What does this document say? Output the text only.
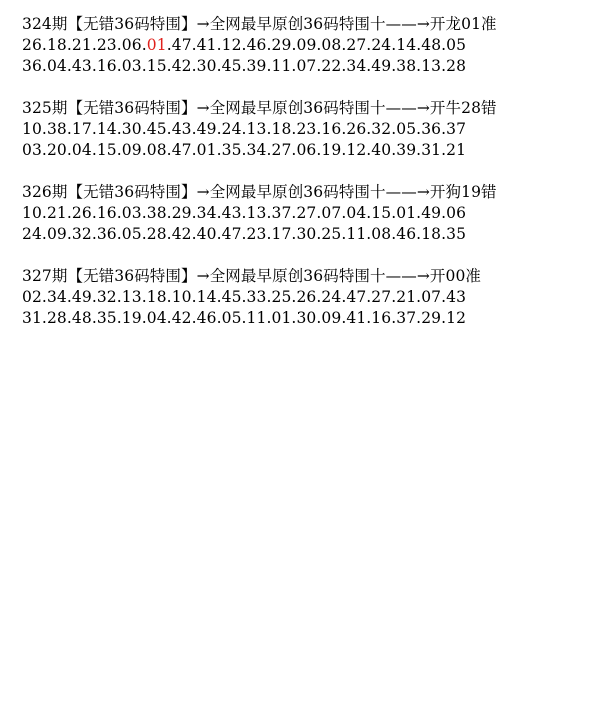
324期【无错36码特围】→全网最早原创36码特围十——→开龙01准
26.18.21.23.06.01.47.41.12.46.29.09.08.27.24.14.48.05
36.04.43.16.03.15.42.30.45.39.11.07.22.34.49.38.13.28
325期【无错36码特围】→全网最早原创36码特围十——→开牛28错
10.38.17.14.30.45.43.49.24.13.18.23.16.26.32.05.36.37
03.20.04.15.09.08.47.01.35.34.27.06.19.12.40.39.31.21
326期【无错36码特围】→全网最早原创36码特围十——→开狗19错
10.21.26.16.03.38.29.34.43.13.37.27.07.04.15.01.49.06
24.09.32.36.05.28.42.40.47.23.17.30.25.11.08.46.18.35
327期【无错36码特围】→全网最早原创36码特围十——→开00准
02.34.49.32.13.18.10.14.45.33.25.26.24.47.27.21.07.43
31.28.48.35.19.04.42.46.05.11.01.30.09.41.16.37.29.12
